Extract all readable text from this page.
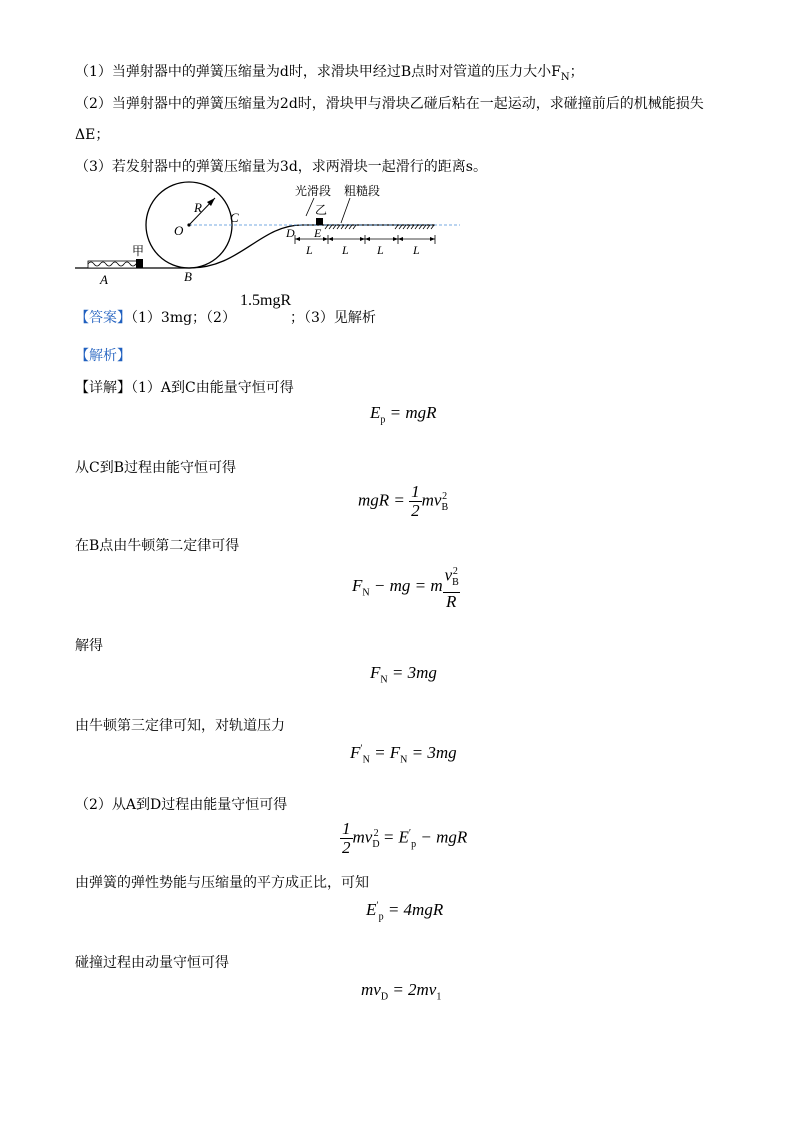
（1）当弹射器中的弹簧压缩量为d时，求滑块甲经过B点时对管道的压力大小$F_N$；
（2）当弹射器中的弹簧压缩量为2d时，滑块甲与滑块乙碰后粘在一起运动，求碰撞前后的机械能损失
ΔE；
（3）若发射器中的弹簧压缩量为3d，求两滑块一起滑行的距离s。
R
O
C
B
A
甲
乙
光滑段 粗糙段
D E
L L L L
【答案】（1）3mg；（2）
1.5mgR
；（3）见解析
【解析】
【详解】（1）A到C由能量守恒可得
$E_p$ = mgR
从C到B过程由能守恒可得
mgR = $\frac{1}{2} mv_B^2$
在B点由牛顿第二定律可得
$F_N$ − mg = m $\frac{v_B^2}{R}$
解得
$F_N = 3mg$
由牛顿第三定律可知，对轨道压力
$F'_N = F_N = 3mg$
（2）从A到D过程由能量守恒可得
$\frac{1}{2} mv_D^2 = E'_p$ − mgR
由弹簧的弹性势能与压缩量的平方成正比，可知
$E'_p = 4mgR$
碰撞过程由动量守恒可得
$mv_D = 2mv_1$
